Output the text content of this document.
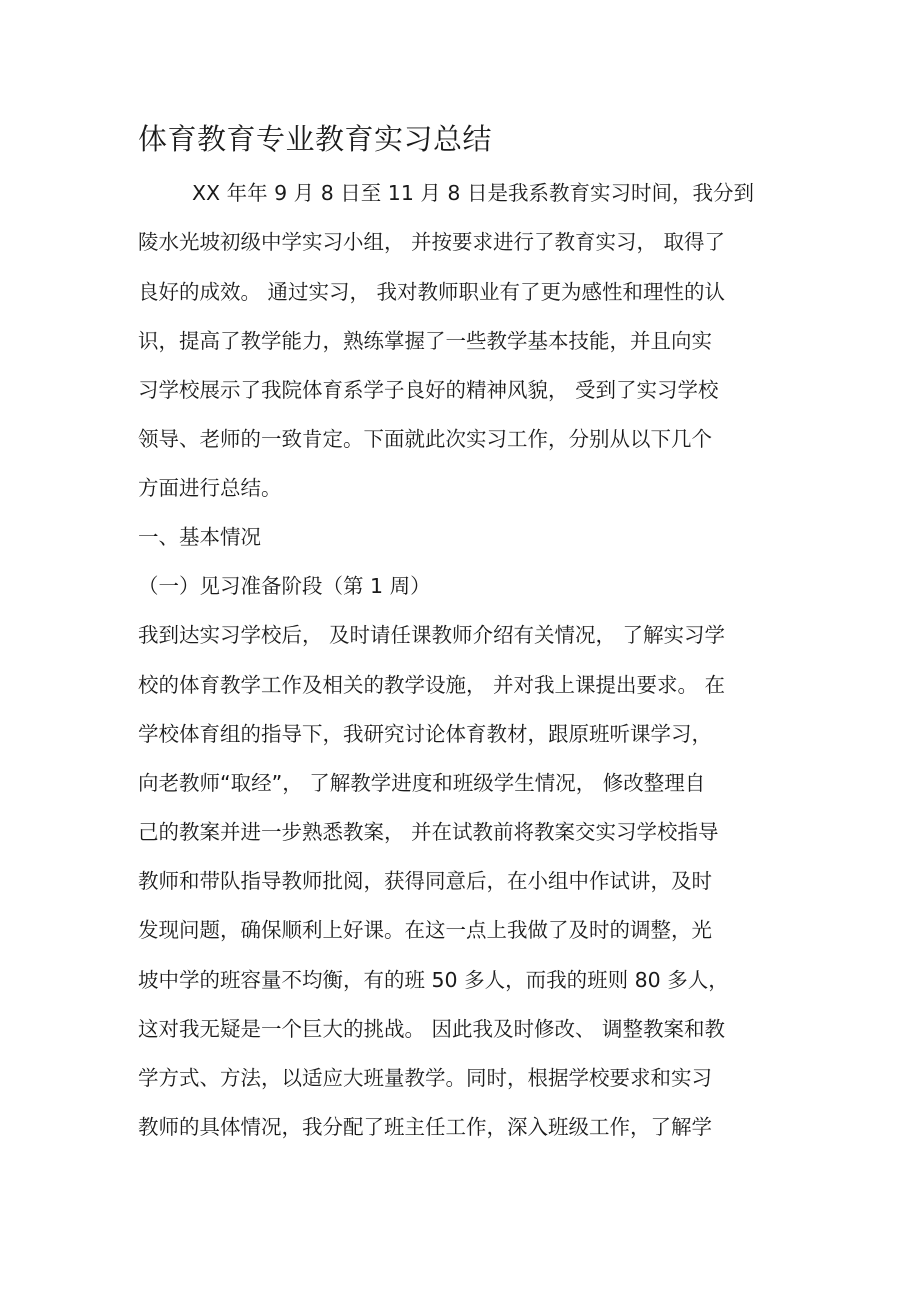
体育教育专业教育实习总结

XX 年年 9 月 8 日至 11 月 8 日是我系教育实习时间，我分到

陵水光坡初级中学实习小组， 并按要求进行了教育实习， 取得了

良好的成效。 通过实习， 我对教师职业有了更为感性和理性的认

识，提高了教学能力，熟练掌握了一些教学基本技能，并且向实

习学校展示了我院体育系学子良好的精神风貌， 受到了实习学校

领导、老师的一致肯定。下面就此次实习工作，分别从以下几个

方面进行总结。

一、基本情况

（一）见习准备阶段（第 1 周）

我到达实习学校后， 及时请任课教师介绍有关情况， 了解实习学

校的体育教学工作及相关的教学设施， 并对我上课提出要求。 在

学校体育组的指导下，我研究讨论体育教材，跟原班听课学习，

向老教师“取经”， 了解教学进度和班级学生情况， 修改整理自

己的教案并进一步熟悉教案， 并在试教前将教案交实习学校指导

教师和带队指导教师批阅，获得同意后，在小组中作试讲，及时

发现问题，确保顺利上好课。在这一点上我做了及时的调整，光

坡中学的班容量不均衡，有的班 50 多人，而我的班则 80 多人，

这对我无疑是一个巨大的挑战。 因此我及时修改、 调整教案和教

学方式、方法，以适应大班量教学。同时，根据学校要求和实习

教师的具体情况，我分配了班主任工作，深入班级工作，了解学
